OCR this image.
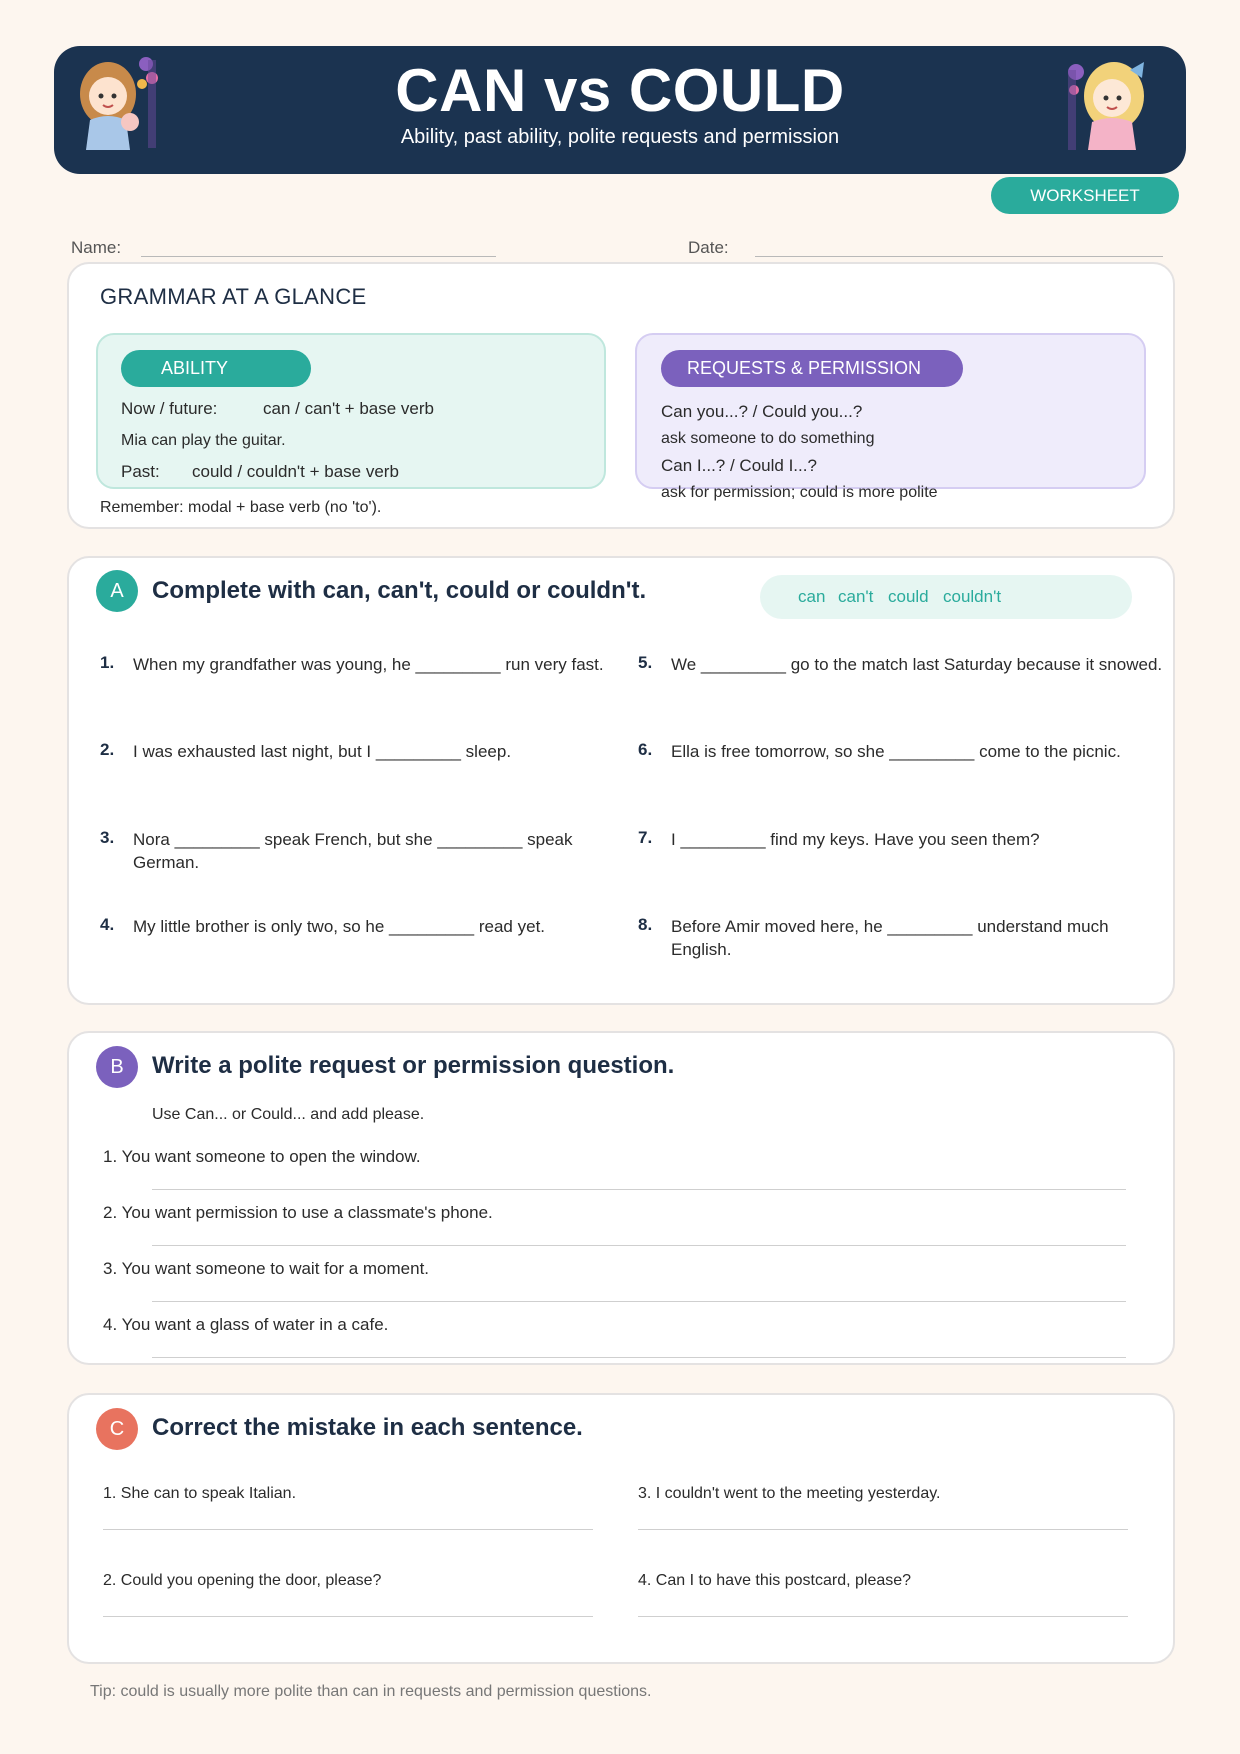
CAN vs COULD
Ability, past ability, polite requests and permission
WORKSHEET
Name:	Date:
GRAMMAR AT A GLANCE
ABILITY
Now / future:	can / can't + base verb
Mia can play the guitar.
Past: could / couldn't + base verb
REQUESTS & PERMISSION
Can you...? / Could you...?
ask someone to do something
Can I...? / Could I...?
ask for permission; could is more polite
Remember: modal + base verb (no 'to').
A	Complete with can, can't, could or couldn't.	can can't could couldn't
1. When my grandfather was young, he _________ run very fast.
2. I was exhausted last night, but I _________ sleep.
3. Nora _________ speak French, but she _________ speak German.
4. My little brother is only two, so he _________ read yet.
5. We _________ go to the match last Saturday because it snowed.
6. Ella is free tomorrow, so she _________ come to the picnic.
7. I _________ find my keys. Have you seen them?
8. Before Amir moved here, he _________ understand much English.
B	Write a polite request or permission question.
Use Can... or Could... and add please.
1. You want someone to open the window.
2. You want permission to use a classmate's phone.
3. You want someone to wait for a moment.
4. You want a glass of water in a cafe.
C	Correct the mistake in each sentence.
1. She can to speak Italian.
2. Could you opening the door, please?
3. I couldn't went to the meeting yesterday.
4. Can I to have this postcard, please?
Tip: could is usually more polite than can in requests and permission questions.
